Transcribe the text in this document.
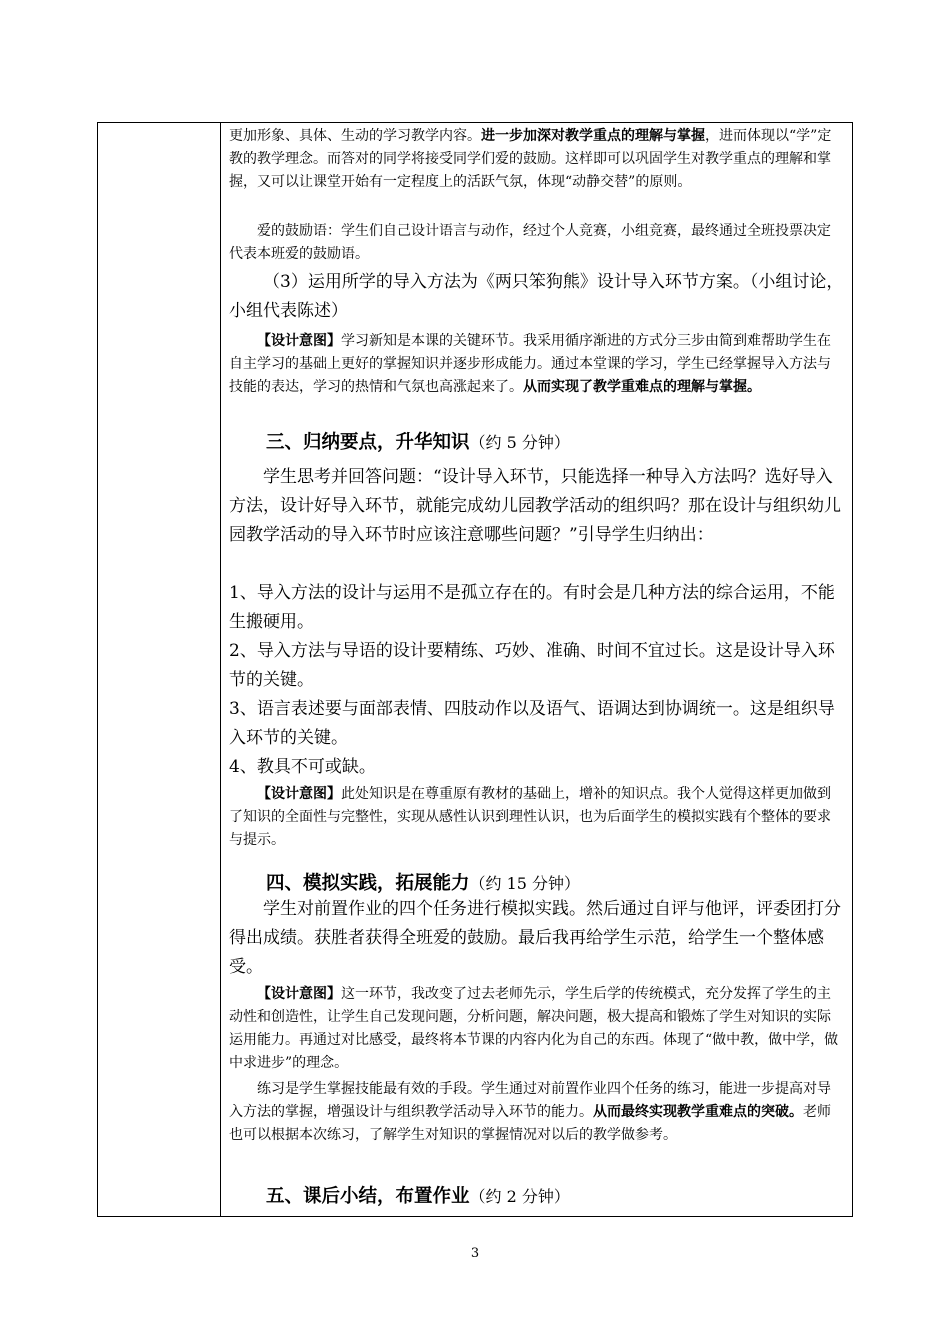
更加形象、具体、生动的学习教学内容。进一步加深对教学重点的理解与掌握，进而体现以“学”定教的教学理念。而答对的同学将接受同学们爱的鼓励。这样即可以巩固学生对教学重点的理解和掌握，又可以让课堂开始有一定程度上的活跃气氛，体现“动静交替”的原则。

爱的鼓励语：学生们自己设计语言与动作，经过个人竞赛，小组竞赛，最终通过全班投票决定代表本班爱的鼓励语。

（3）运用所学的导入方法为《两只笨狗熊》设计导入环节方案。（小组讨论，小组代表陈述）

【设计意图】学习新知是本课的关键环节。我采用循序渐进的方式分三步由简到难帮助学生在自主学习的基础上更好的掌握知识并逐步形成能力。通过本堂课的学习，学生已经掌握导入方法与技能的表达，学习的热情和气氛也高涨起来了。从而实现了教学重难点的理解与掌握。

三、归纳要点，升华知识（约 5 分钟）

学生思考并回答问题：“设计导入环节，只能选择一种导入方法吗？选好导入方法，设计好导入环节，就能完成幼儿园教学活动的组织吗？那在设计与组织幼儿园教学活动的导入环节时应该注意哪些问题？”引导学生归纳出：

1、导入方法的设计与运用不是孤立存在的。有时会是几种方法的综合运用，不能生搬硬用。

2、导入方法与导语的设计要精练、巧妙、准确、时间不宜过长。这是设计导入环节的关键。

3、语言表述要与面部表情、四肢动作以及语气、语调达到协调统一。这是组织导入环节的关键。

4、教具不可或缺。

【设计意图】此处知识是在尊重原有教材的基础上，增补的知识点。我个人觉得这样更加做到了知识的全面性与完整性，实现从感性认识到理性认识，也为后面学生的模拟实践有个整体的要求与提示。

四、模拟实践，拓展能力（约 15 分钟）

学生对前置作业的四个任务进行模拟实践。然后通过自评与他评，评委团打分得出成绩。获胜者获得全班爱的鼓励。最后我再给学生示范，给学生一个整体感受。

【设计意图】这一环节，我改变了过去老师先示，学生后学的传统模式，充分发挥了学生的主动性和创造性，让学生自己发现问题，分析问题，解决问题，极大提高和锻炼了学生对知识的实际运用能力。再通过对比感受，最终将本节课的内容内化为自己的东西。体现了“做中教，做中学，做中求进步”的理念。

练习是学生掌握技能最有效的手段。学生通过对前置作业四个任务的练习，能进一步提高对导入方法的掌握，增强设计与组织教学活动导入环节的能力。从而最终实现教学重难点的突破。老师也可以根据本次练习，了解学生对知识的掌握情况对以后的教学做参考。

五、课后小结，布置作业（约 2 分钟）

3
